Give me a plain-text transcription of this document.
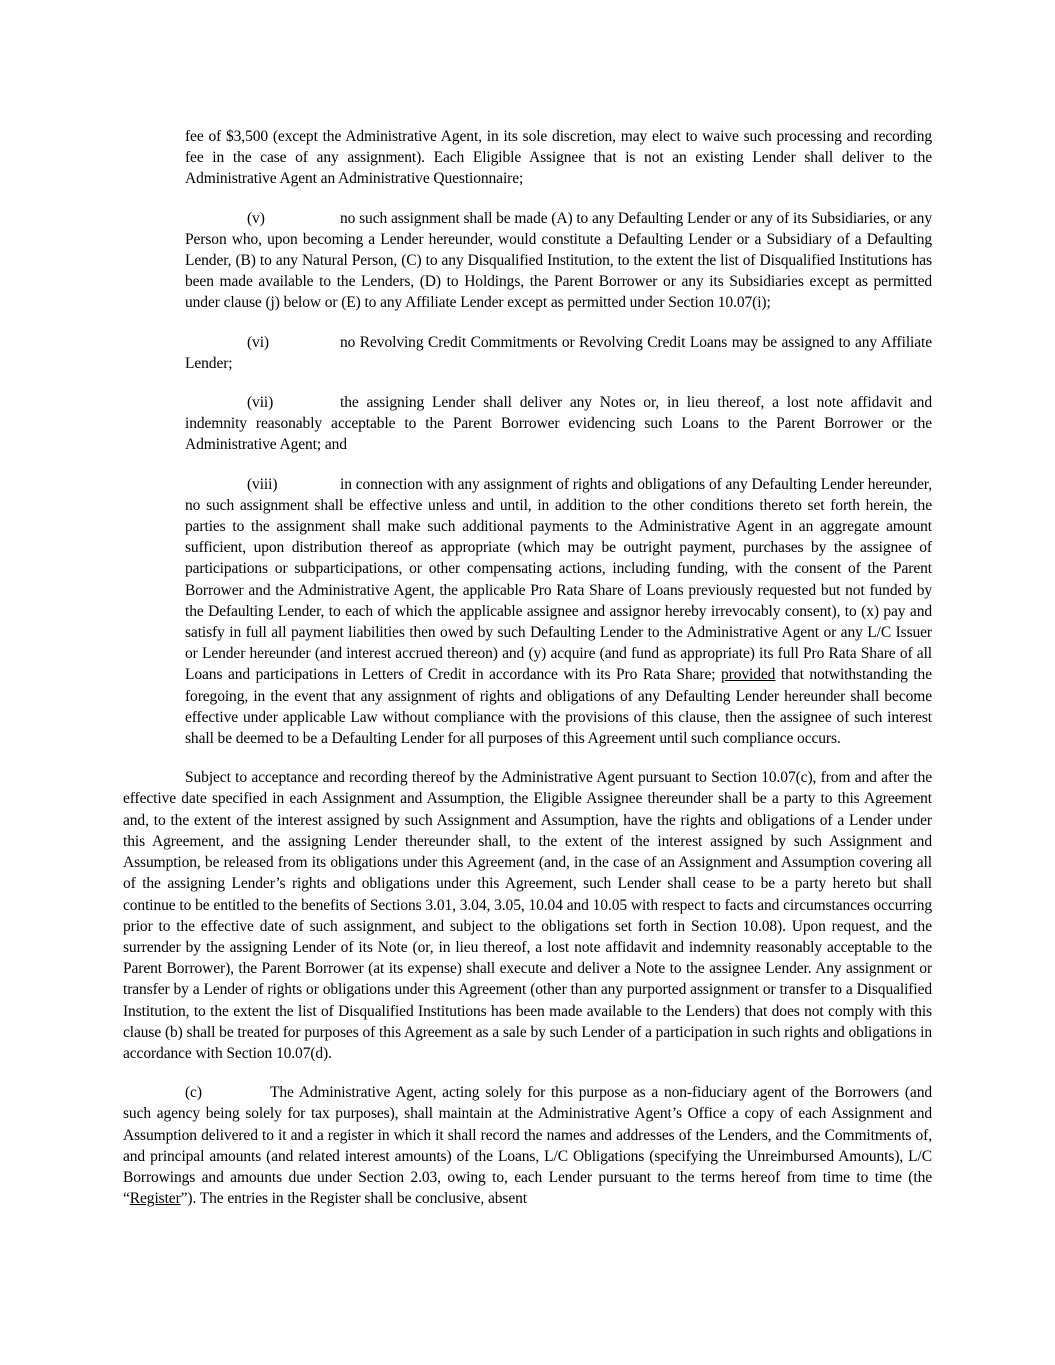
fee of $3,500 (except the Administrative Agent, in its sole discretion, may elect to waive such processing and recording fee in the case of any assignment). Each Eligible Assignee that is not an existing Lender shall deliver to the Administrative Agent an Administrative Questionnaire;

(v)	no such assignment shall be made (A) to any Defaulting Lender or any of its Subsidiaries, or any Person who, upon becoming a Lender hereunder, would constitute a Defaulting Lender or a Subsidiary of a Defaulting Lender, (B) to any Natural Person, (C) to any Disqualified Institution, to the extent the list of Disqualified Institutions has been made available to the Lenders, (D) to Holdings, the Parent Borrower or any its Subsidiaries except as permitted under clause (j) below or (E) to any Affiliate Lender except as permitted under Section 10.07(i);

(vi)	no Revolving Credit Commitments or Revolving Credit Loans may be assigned to any Affiliate Lender;

(vii)	the assigning Lender shall deliver any Notes or, in lieu thereof, a lost note affidavit and indemnity reasonably acceptable to the Parent Borrower evidencing such Loans to the Parent Borrower or the Administrative Agent; and

(viii)	in connection with any assignment of rights and obligations of any Defaulting Lender hereunder, no such assignment shall be effective unless and until, in addition to the other conditions thereto set forth herein, the parties to the assignment shall make such additional payments to the Administrative Agent in an aggregate amount sufficient, upon distribution thereof as appropriate (which may be outright payment, purchases by the assignee of participations or subparticipations, or other compensating actions, including funding, with the consent of the Parent Borrower and the Administrative Agent, the applicable Pro Rata Share of Loans previously requested but not funded by the Defaulting Lender, to each of which the applicable assignee and assignor hereby irrevocably consent), to (x) pay and satisfy in full all payment liabilities then owed by such Defaulting Lender to the Administrative Agent or any L/C Issuer or Lender hereunder (and interest accrued thereon) and (y) acquire (and fund as appropriate) its full Pro Rata Share of all Loans and participations in Letters of Credit in accordance with its Pro Rata Share; provided that notwithstanding the foregoing, in the event that any assignment of rights and obligations of any Defaulting Lender hereunder shall become effective under applicable Law without compliance with the provisions of this clause, then the assignee of such interest shall be deemed to be a Defaulting Lender for all purposes of this Agreement until such compliance occurs.

Subject to acceptance and recording thereof by the Administrative Agent pursuant to Section 10.07(c), from and after the effective date specified in each Assignment and Assumption, the Eligible Assignee thereunder shall be a party to this Agreement and, to the extent of the interest assigned by such Assignment and Assumption, have the rights and obligations of a Lender under this Agreement, and the assigning Lender thereunder shall, to the extent of the interest assigned by such Assignment and Assumption, be released from its obligations under this Agreement (and, in the case of an Assignment and Assumption covering all of the assigning Lender’s rights and obligations under this Agreement, such Lender shall cease to be a party hereto but shall continue to be entitled to the benefits of Sections 3.01, 3.04, 3.05, 10.04 and 10.05 with respect to facts and circumstances occurring prior to the effective date of such assignment, and subject to the obligations set forth in Section 10.08). Upon request, and the surrender by the assigning Lender of its Note (or, in lieu thereof, a lost note affidavit and indemnity reasonably acceptable to the Parent Borrower), the Parent Borrower (at its expense) shall execute and deliver a Note to the assignee Lender. Any assignment or transfer by a Lender of rights or obligations under this Agreement (other than any purported assignment or transfer to a Disqualified Institution, to the extent the list of Disqualified Institutions has been made available to the Lenders) that does not comply with this clause (b) shall be treated for purposes of this Agreement as a sale by such Lender of a participation in such rights and obligations in accordance with Section 10.07(d).

(c)	The Administrative Agent, acting solely for this purpose as a non-fiduciary agent of the Borrowers (and such agency being solely for tax purposes), shall maintain at the Administrative Agent’s Office a copy of each Assignment and Assumption delivered to it and a register in which it shall record the names and addresses of the Lenders, and the Commitments of, and principal amounts (and related interest amounts) of the Loans, L/C Obligations (specifying the Unreimbursed Amounts), L/C Borrowings and amounts due under Section 2.03, owing to, each Lender pursuant to the terms hereof from time to time (the “Register”). The entries in the Register shall be conclusive, absent
